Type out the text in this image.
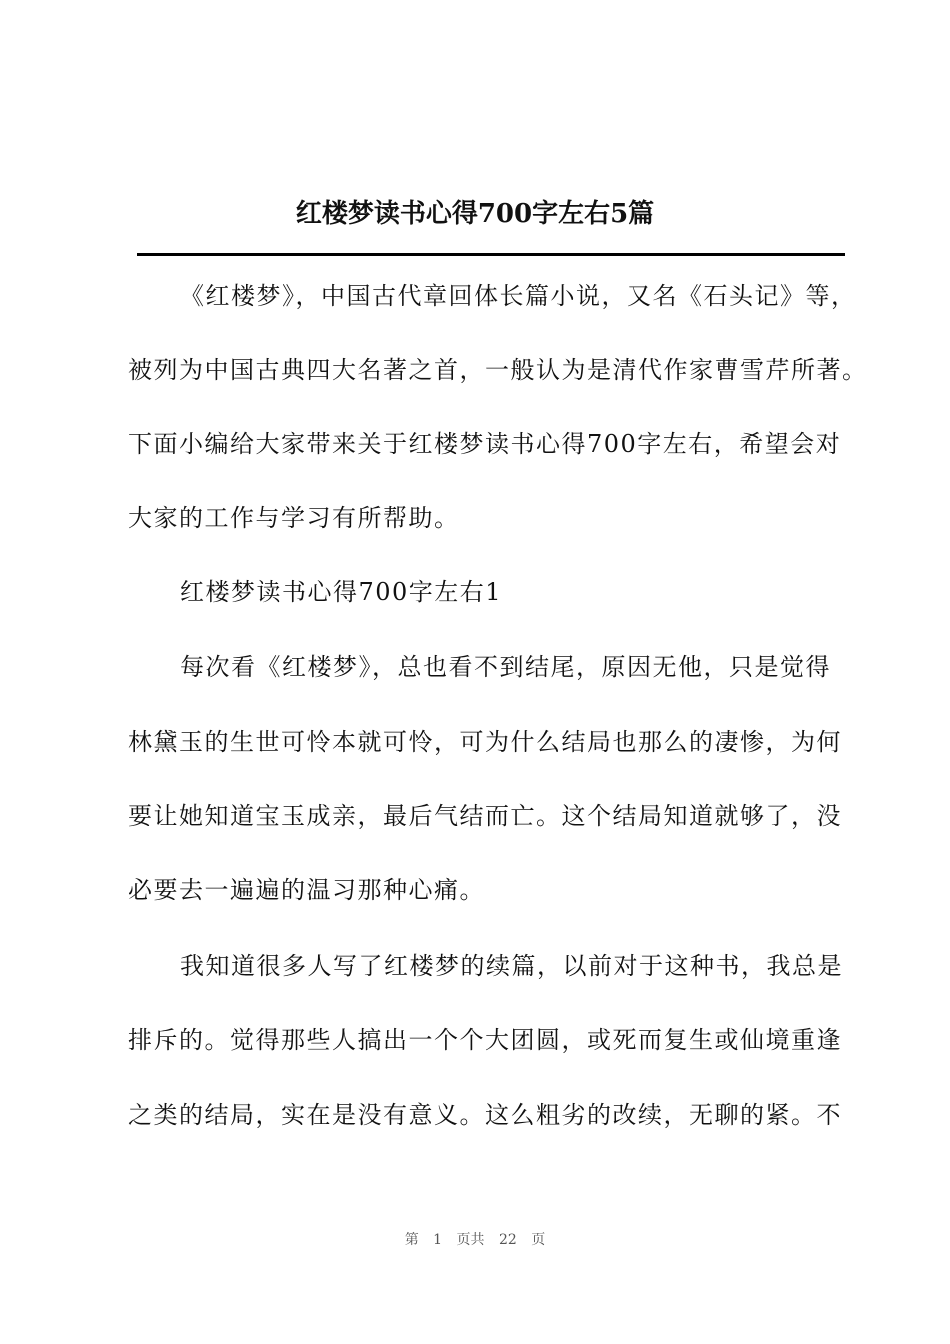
红楼梦读书心得700字左右5篇
《红楼梦》，中国古代章回体长篇小说，又名《石头记》等，
被列为中国古典四大名著之首，一般认为是清代作家曹雪芹所著。
下面小编给大家带来关于红楼梦读书心得700字左右，希望会对
大家的工作与学习有所帮助。
红楼梦读书心得700字左右1
每次看《红楼梦》，总也看不到结尾，原因无他，只是觉得
林黛玉的生世可怜本就可怜，可为什么结局也那么的凄惨，为何
要让她知道宝玉成亲，最后气结而亡。这个结局知道就够了，没
必要去一遍遍的温习那种心痛。
我知道很多人写了红楼梦的续篇，以前对于这种书，我总是
排斥的。觉得那些人搞出一个个大团圆，或死而复生或仙境重逢
之类的结局，实在是没有意义。这么粗劣的改续，无聊的紧。不
第 1 页共 22 页
